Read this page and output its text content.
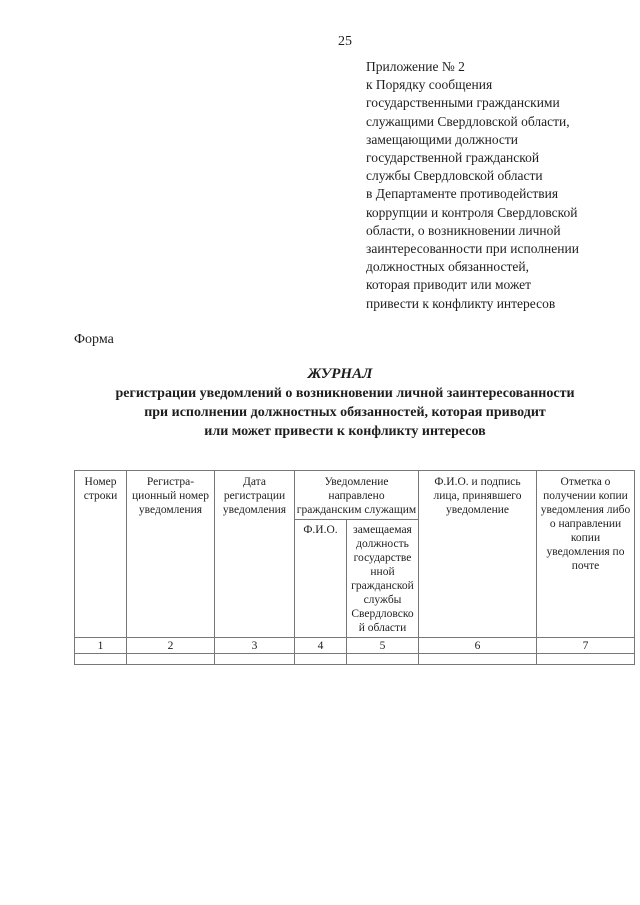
25
Приложение № 2
к Порядку сообщения
государственными гражданскими
служащими Свердловской области,
замещающими должности
государственной гражданской
службы Свердловской области
в Департаменте противодействия
коррупции и контроля Свердловской
области, о возникновении личной
заинтересованности при исполнении
должностных обязанностей,
которая приводит или может
привести к конфликту интересов
Форма
ЖУРНАЛ
регистрации уведомлений о возникновении личной заинтересованности
при исполнении должностных обязанностей, которая приводит
или может привести к конфликту интересов
Номер строки	Регистра-ционный номер уведомления	Дата регистрации уведомления	Уведомление направлено гражданским служащим		Ф.И.О. и подпись лица, принявшего уведомление	Отметка о получении копии уведомления либо о направлении копии уведомления по почте
			Ф.И.О.	замещаемая должность государстве нной гражданской службы Свердловско й области		
1	2	3	4	5	6	7
